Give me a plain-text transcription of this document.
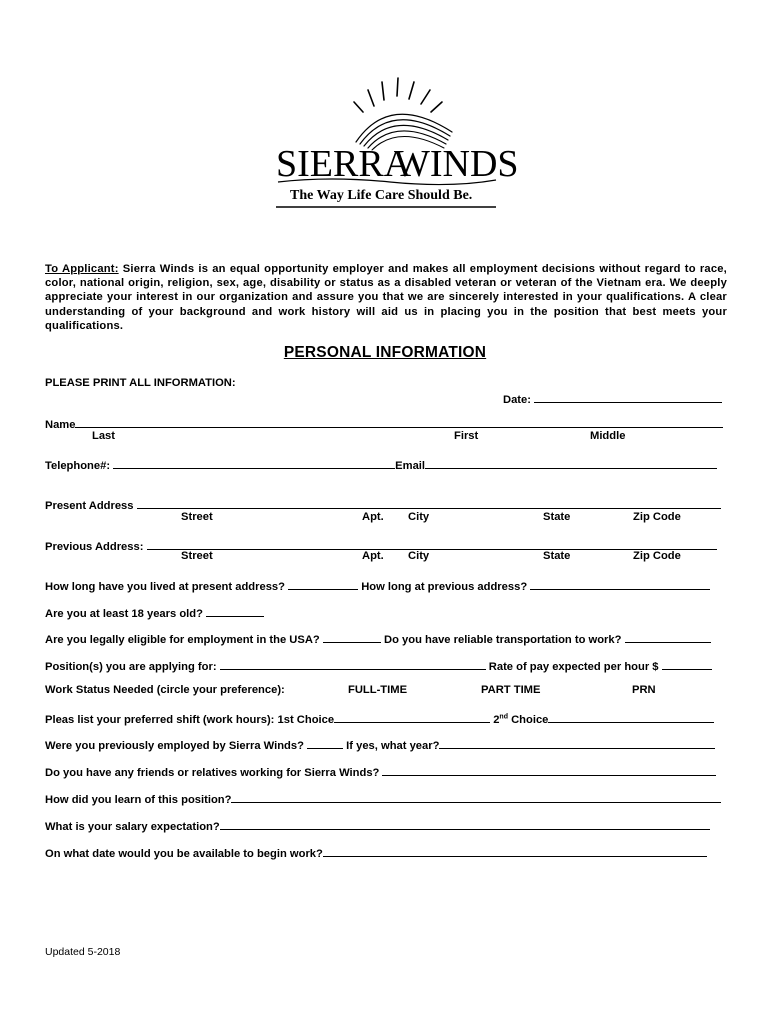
SIERRA
WINDS
The Way Life Care Should Be.
To Applicant: Sierra Winds is an equal opportunity employer and makes all employment decisions without regard to race, color, national origin, religion, sex, age, disability or status as a disabled veteran or veteran of the Vietnam era. We deeply appreciate your interest in our organization and assure you that we are sincerely interested in your qualifications. A clear understanding of your background and work history will aid us in placing you in the position that best meets your qualifications.
PERSONAL INFORMATION
PLEASE PRINT ALL INFORMATION:
Date:
Name
Last	First	Middle
Telephone#:	Email
Present Address
Street	Apt. City	State	Zip Code
Previous Address:
Street	Apt. City	State	Zip Code
How long have you lived at present address?	How long at previous address?
Are you at least 18 years old?
Are you legally eligible for employment in the USA?	Do you have reliable transportation to work?
Position(s) you are applying for:	Rate of pay expected per hour $
Work Status Needed (circle your preference):	FULL-TIME	PART TIME	PRN
Pleas list your preferred shift (work hours): 1st Choice	2nd Choice
Were you previously employed by Sierra Winds?	If yes, what year?
Do you have any friends or relatives working for Sierra Winds?
How did you learn of this position?
What is your salary expectation?
On what date would you be available to begin work?
Updated 5-2018
